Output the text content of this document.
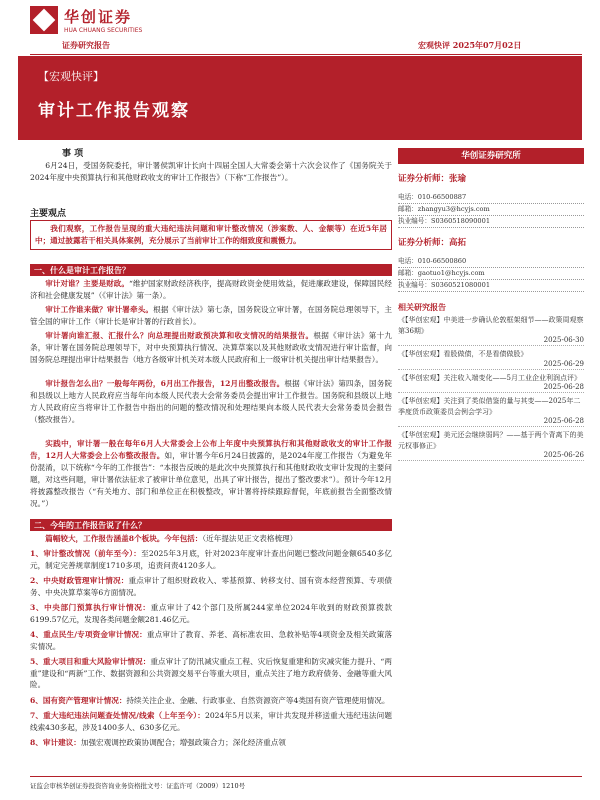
华创证券
HUA CHUANG SECURITIES
证券研究报告	宏观快评 2025年07月02日
【宏观快评】
审计工作报告观察
事 项
6月24日，受国务院委托，审计署侯凯审计长向十四届全国人大常委会第十六次会议作了《国务院关于2024年度中央预算执行和其他财政收支的审计工作报告》（下称“工作报告”）。
主要观点
我们观察，工作报告呈现的重大违纪违法问题和审计整改情况（涉案数、人、金额等）在近5年居中；通过披露若干相关具体案例，充分展示了当前审计工作的细致度和震慑力。
一、什么是审计工作报告？
审计对谁？主要是财政。“维护国家财政经济秩序，提高财政资金使用效益，促进廉政建设，保障国民经济和社会健康发展”（《审计法》第一条）。
审计工作谁来做？审计署牵头。根据《审计法》第七条，国务院设立审计署，在国务院总理领导下，主管全国的审计工作（审计长是审计署的行政首长）。
审计署向谁汇报、汇报什么？向总理提出财政预决算和收支情况的结果报告。根据《审计法》第十九条，审计署在国务院总理领导下，对中央预算执行情况、决算草案以及其他财政收支情况进行审计监督，向国务院总理提出审计结果报告（地方各级审计机关对本级人民政府和上一级审计机关提出审计结果报告）。
审计报告怎么出？一般每年两份，6月出工作报告，12月出整改报告。根据《审计法》第四条，国务院和县级以上地方人民政府应当每年向本级人民代表大会常务委员会提出审计工作报告。国务院和县级以上地方人民政府应当将审计工作报告中指出的问题的整改情况和处理结果向本级人民代表大会常务委员会报告（整改报告）。
实践中，审计署一般在每年6月人大常委会上公布上年度中央预算执行和其他财政收支的审计工作报告，12月人大常委会上公布整改报告。如，审计署今年6月24日披露的，是2024年度工作报告（为避免年份混淆，以下统称“今年的工作报告”：“本报告反映的是此次中央预算执行和其他财政收支审计发现的主要问题，对这些问题，审计署依法征求了被审计单位意见，出具了审计报告，提出了整改要求”）。预计今年12月将披露整改报告（“有关地方、部门和单位正在积极整改，审计署将持续跟踪督促，年底前报告全面整改情况。”）
二、今年的工作报告说了什么？
篇幅较大，工作报告涵盖8个板块。今年包括：（近年提法见正文表格梳理）
1、审计整改情况（前年至今）：至2025年3月底，针对2023年度审计查出问题已整改问题金额6540多亿元，制定完善规章制度1710多项，追责问责4120多人。
2、中央财政管理审计情况：重点审计了组织财政收入、零基预算、转移支付、国有资本经营预算、专项债务、中央决算草案等6方面情况。
3、中央部门预算执行审计情况：重点审计了42个部门及所属244家单位2024年收到的财政预算拨款6199.57亿元，发现各类问题金额281.46亿元。
4、重点民生/专项资金审计情况：重点审计了教育、养老、高标准农田、急救补贴等4项资金及相关政策落实情况。
5、重大项目和重大风险审计情况：重点审计了防汛减灾重点工程、灾后恢复重建和防灾减灾能力提升、“两重”建设和“两新”工作、数据资源和公共资源交易平台等重大项目，重点关注了地方政府债务、金融等重大风险。
6、国有资产管理审计情况：持续关注企业、金融、行政事业、自然资源资产等4类国有资产管理使用情况。
7、重大违纪违法问题查处情况/线索（上年至今）：2024年5月以来，审计共发现并移送重大违纪违法问题线索430多起，涉及1400多人、630多亿元。
8、审计建议：加强宏观调控政策协调配合；增强政策合力；深化经济重点领
华创证券研究所
证券分析师：张瑜
电话：010-66500887
邮箱：zhangyu3@hcyjs.com
执业编号：S0360518090001
证券分析师：高拓
电话：010-66500860
邮箱：gaotuo1@hcyjs.com
执业编号：S0360521080001
相关研究报告
《【华创宏观】中美进一步确认伦敦框架细节——政策周观察第36期》
2025-06-30
《【华创宏观】看股做债，不是看债做股》
2025-06-29
《【华创宏观】关注收入端变化——5月工业企业利润点评》
2025-06-28
《【华创宏观】关注到了类似借鉴的量与其变——2025年二季度货币政策委员会例会学习》
2025-06-28
《【华创宏观】美元还会继续弱吗？——基于两个背离下的美元权事修正》
2025-06-26
证监会审核华创证券投资咨询业务资格批文号：证监许可（2009）1210号
